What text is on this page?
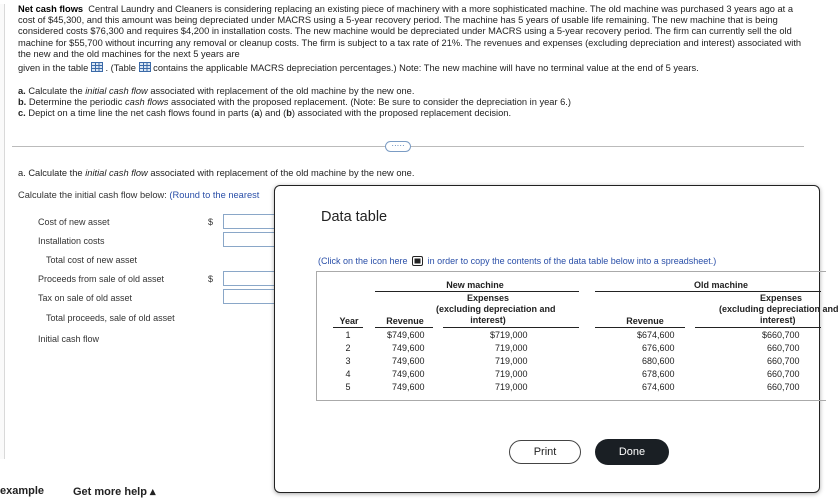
Net cash flows Central Laundry and Cleaners is considering replacing an existing piece of machinery with a more sophisticated machine. The old machine was purchased 3 years ago at a cost of $45,300, and this amount was being depreciated under MACRS using a 5-year recovery period. The machine has 5 years of usable life remaining. The new machine that is being considered costs $76,300 and requires $4,200 in installation costs. The new machine would be depreciated under MACRS using a 5-year recovery period. The firm can currently sell the old machine for $55,700 without incurring any removal or cleanup costs. The firm is subject to a tax rate of 21%. The revenues and expenses (excluding depreciation and interest) associated with the new and the old machines for the next 5 years are
given in the table . (Table contains the applicable MACRS depreciation percentages.) Note: The new machine will have no terminal value at the end of 5 years.
a. Calculate the initial cash flow associated with replacement of the old machine by the new one.
b. Determine the periodic cash flows associated with the proposed replacement. (Note: Be sure to consider the depreciation in year 6.)
c. Depict on a time line the net cash flows found in parts (a) and (b) associated with the proposed replacement decision.
·····
a. Calculate the initial cash flow associated with replacement of the old machine by the new one.
Calculate the initial cash flow below: (Round to the nearest
Cost of new asset	$
Installation costs
Total cost of new asset
Proceeds from sale of old asset	$
Tax on sale of old asset
Total proceeds, sale of old asset
Initial cash flow
Data table
(Click on the icon here in order to copy the contents of the data table below into a spreadsheet.)
New machine	Old machine
Expenses
(excluding depreciation and
interest)
Expenses
(excluding depreciation and
interest)
Year	Revenue	Revenue
1	$749,600	$719,000	$674,600	$660,700
2	749,600	719,000	676,600	660,700
3	749,600	719,000	680,600	660,700
4	749,600	719,000	678,600	660,700
5	749,600	719,000	674,600	660,700
Print	Done
example	Get more help ▴
